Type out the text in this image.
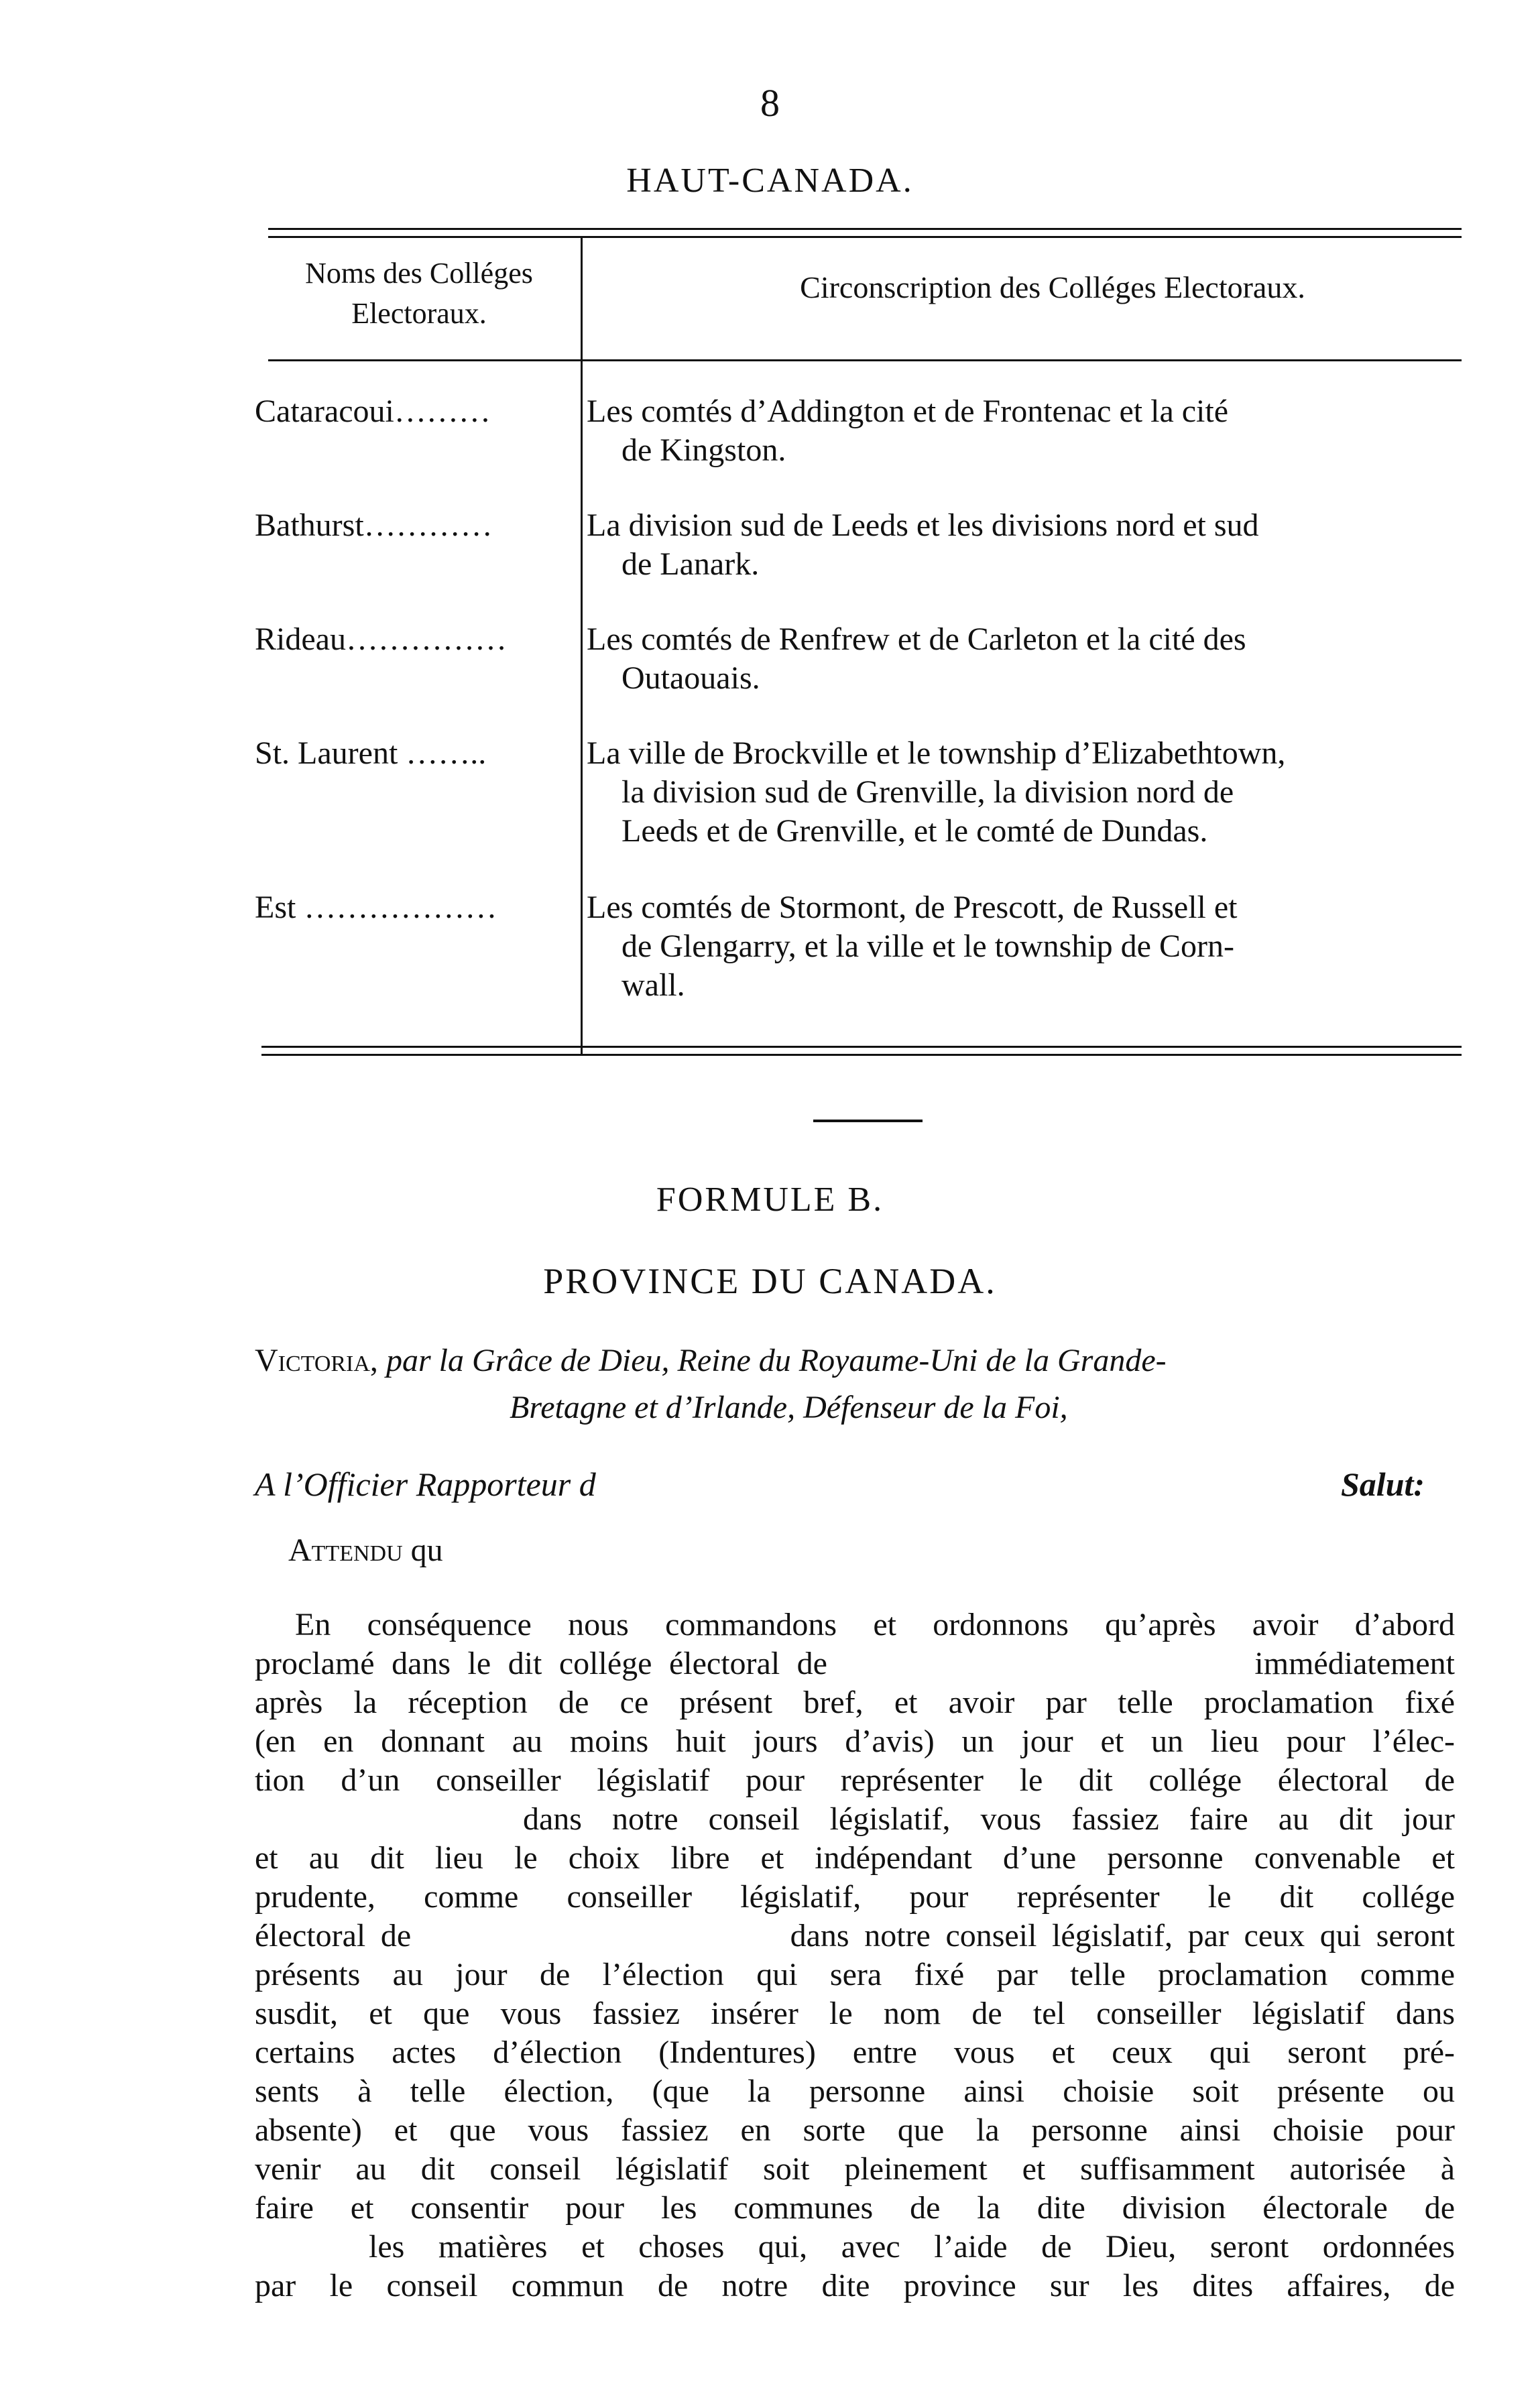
8
HAUT-CANADA.
Noms des Colléges
Electoraux.
Circonscription des Colléges Electoraux.
Cataracoui………	Les comtés d’Addington et de Frontenac et la cité
de Kingston.
Bathurst…………	La division sud de Leeds et les divisions nord et sud
de Lanark.
Rideau……………	Les comtés de Renfrew et de Carleton et la cité des
Outaouais.
St. Laurent ……..	La ville de Brockville et le township d’Elizabethtown,
la division sud de Grenville, la division nord de
Leeds et de Grenville, et le comté de Dundas.
Est ………………	Les comtés de Stormont, de Prescott, de Russell et
de Glengarry, et la ville et le township de Corn-
wall.
FORMULE B.
PROVINCE DU CANADA.
Victoria, par la Grâce de Dieu, Reine du Royaume-Uni de la Grande-
Bretagne et d’Irlande, Défenseur de la Foi,
A l’Officier Rapporteur d	Salut:
Attendu qu
En conséquence nous commandons et ordonnons qu’après avoir d’abord
proclamé dans le dit collége électoral de                         immédiatement
après la réception de ce présent bref, et avoir par telle proclamation fixé
(en en donnant au moins huit jours d’avis) un jour et un lieu pour l’élec-
tion d’un conseiller législatif pour représenter le dit collége électoral de
dans notre conseil législatif, vous fassiez faire au dit jour
et au dit lieu le choix libre et indépendant d’une personne convenable et
prudente, comme conseiller législatif, pour représenter le dit collége
électoral de                         dans notre conseil législatif, par ceux qui seront
présents au jour de l’élection qui sera fixé par telle proclamation comme
susdit, et que vous fassiez insérer le nom de tel conseiller législatif dans
certains actes d’élection (Indentures) entre vous et ceux qui seront pré-
sents à telle élection, (que la personne ainsi choisie soit présente ou
absente) et que vous fassiez en sorte que la personne ainsi choisie pour
venir au dit conseil législatif soit pleinement et suffisamment autorisée à
faire et consentir pour les communes de la dite division électorale de
les matières et choses qui, avec l’aide de Dieu, seront ordonnées
par le conseil commun de notre dite province sur les dites affaires, de
